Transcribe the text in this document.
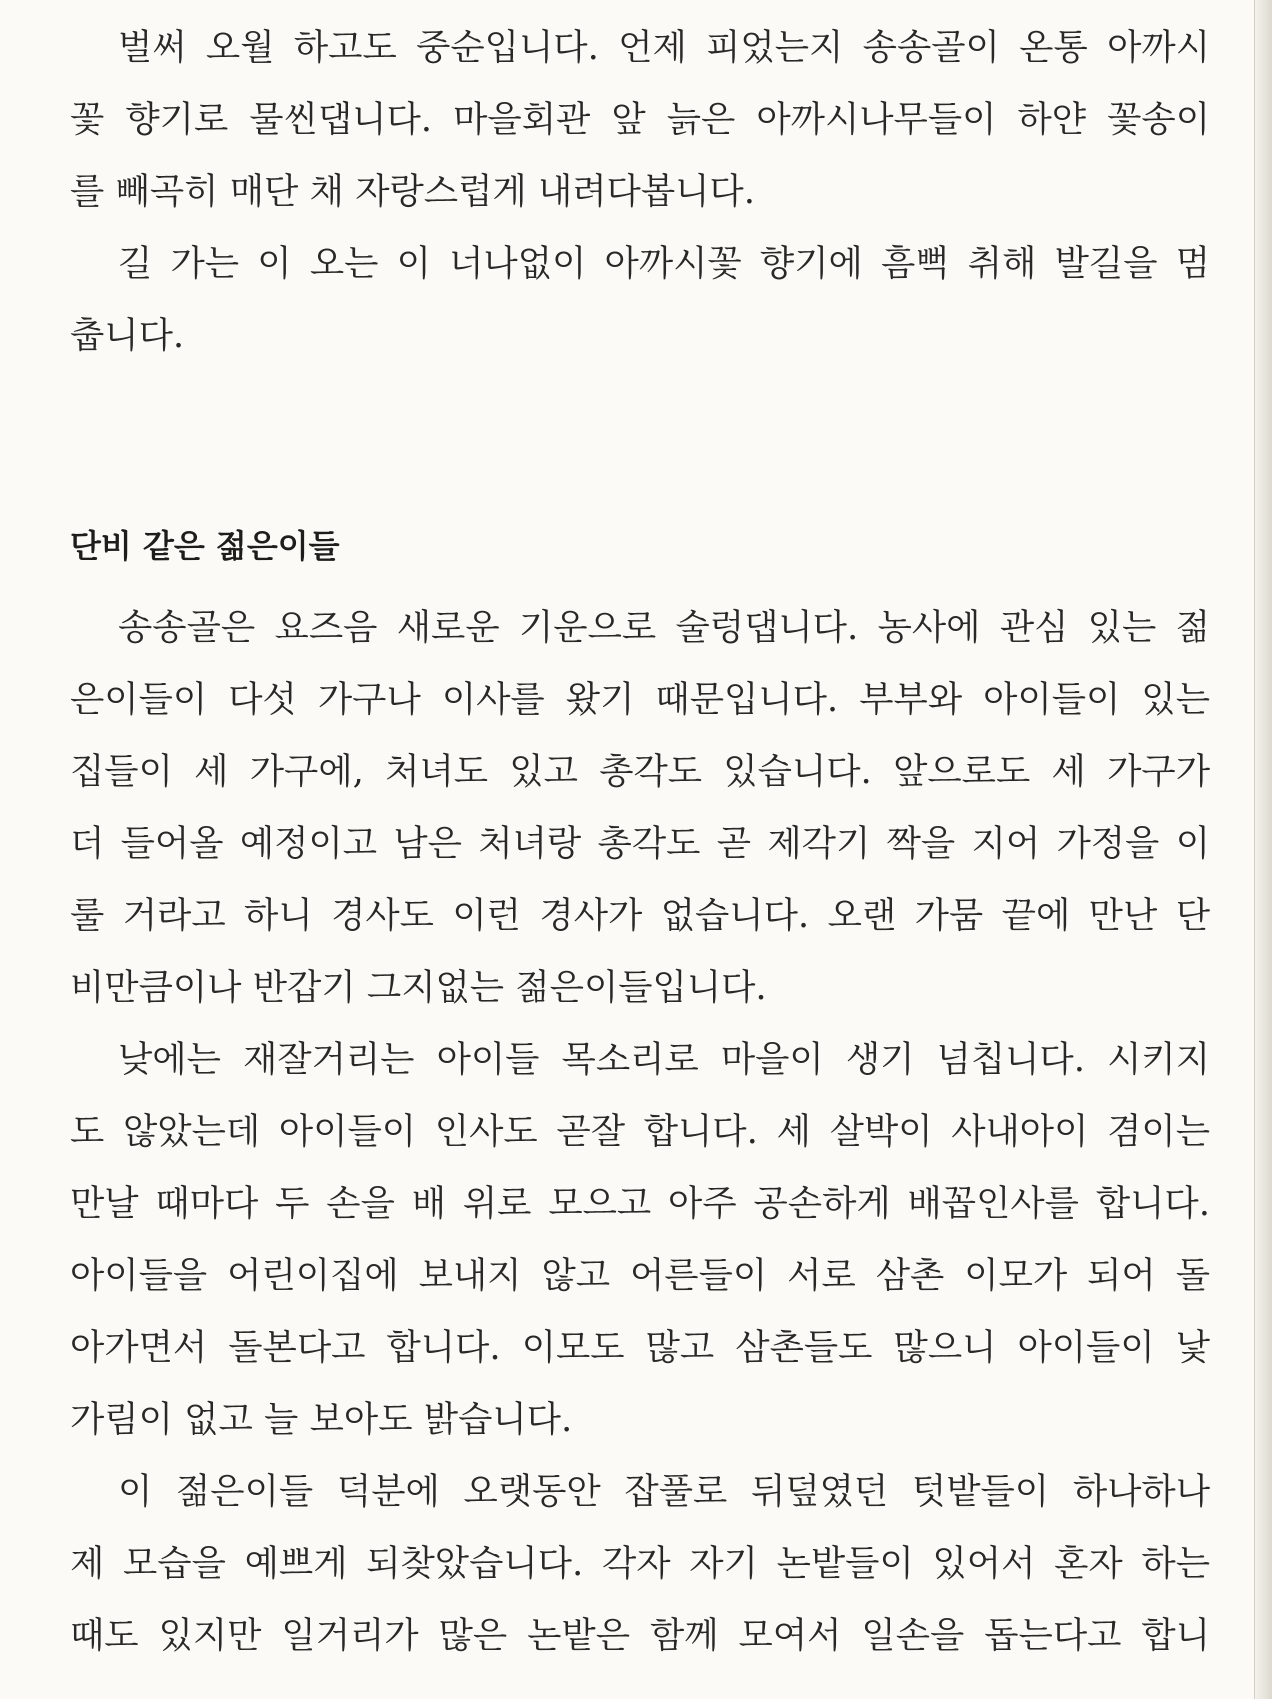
벌써 오월 하고도 중순입니다. 언제 피었는지 송송골이 온통 아까시
꽃 향기로 물씬댑니다. 마을회관 앞 늙은 아까시나무들이 하얀 꽃송이
를 빼곡히 매단 채 자랑스럽게 내려다봅니다.
길 가는 이 오는 이 너나없이 아까시꽃 향기에 흠뻑 취해 발길을 멈
춥니다.
단비 같은 젊은이들
송송골은 요즈음 새로운 기운으로 술렁댑니다. 농사에 관심 있는 젊
은이들이 다섯 가구나 이사를 왔기 때문입니다. 부부와 아이들이 있는
집들이 세 가구에, 처녀도 있고 총각도 있습니다. 앞으로도 세 가구가
더 들어올 예정이고 남은 처녀랑 총각도 곧 제각기 짝을 지어 가정을 이
룰 거라고 하니 경사도 이런 경사가 없습니다. 오랜 가뭄 끝에 만난 단
비만큼이나 반갑기 그지없는 젊은이들입니다.
낮에는 재잘거리는 아이들 목소리로 마을이 생기 넘칩니다. 시키지
도 않았는데 아이들이 인사도 곧잘 합니다. 세 살박이 사내아이 겸이는
만날 때마다 두 손을 배 위로 모으고 아주 공손하게 배꼽인사를 합니다.
아이들을 어린이집에 보내지 않고 어른들이 서로 삼촌 이모가 되어 돌
아가면서 돌본다고 합니다. 이모도 많고 삼촌들도 많으니 아이들이 낯
가림이 없고 늘 보아도 밝습니다.
이 젊은이들 덕분에 오랫동안 잡풀로 뒤덮였던 텃밭들이 하나하나
제 모습을 예쁘게 되찾았습니다. 각자 자기 논밭들이 있어서 혼자 하는
때도 있지만 일거리가 많은 논밭은 함께 모여서 일손을 돕는다고 합니
